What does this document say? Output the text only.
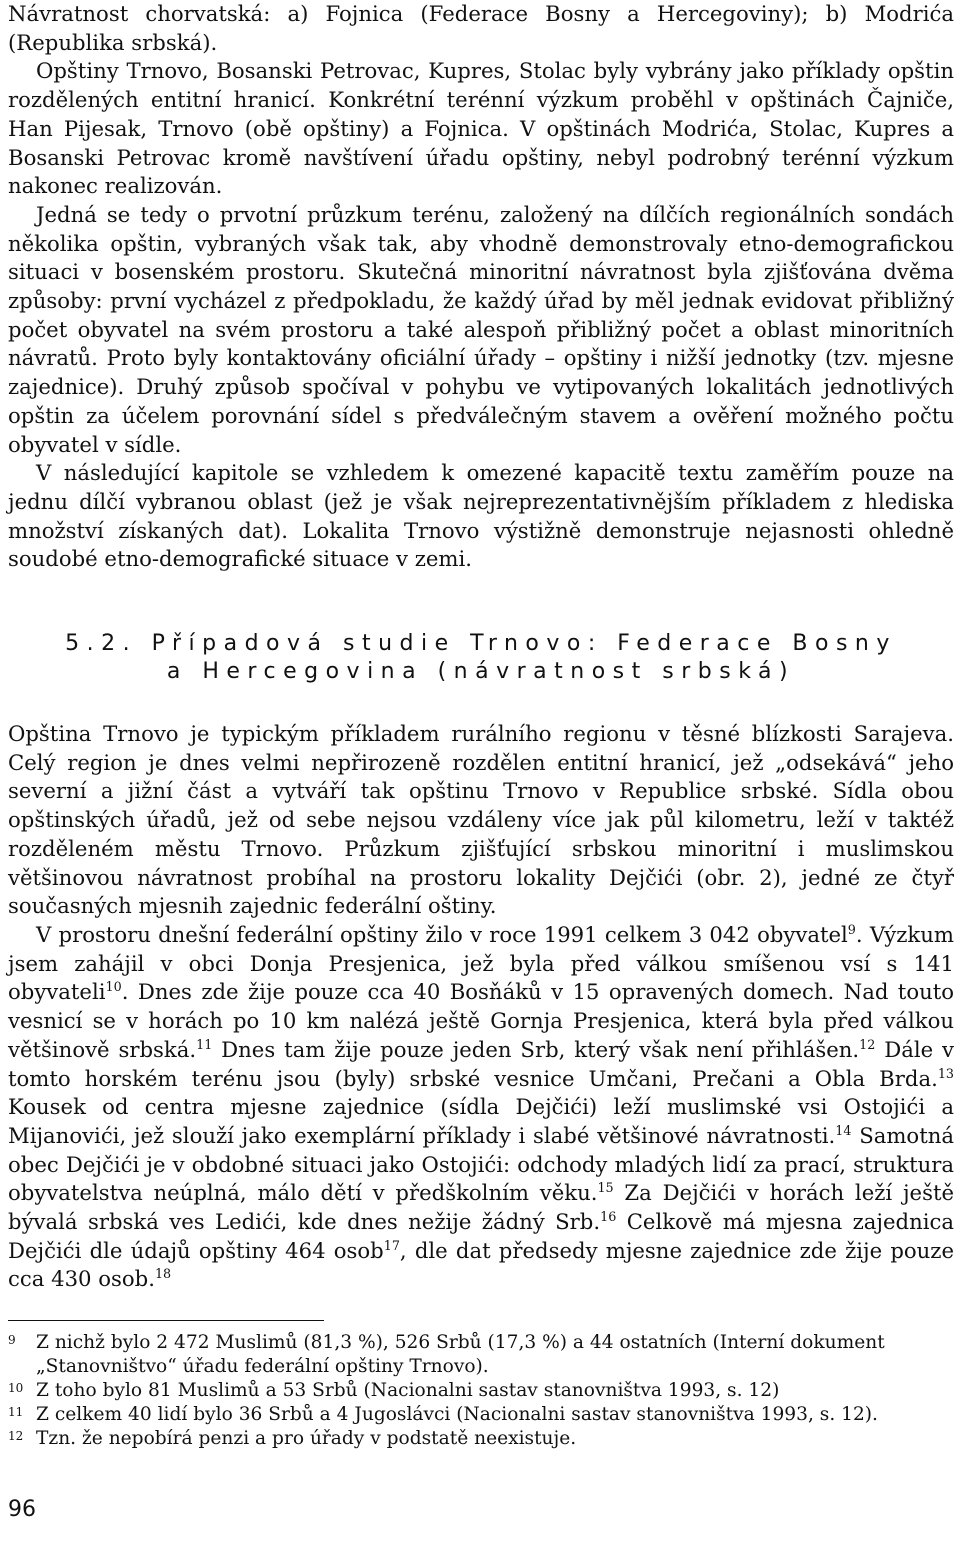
Návratnost chorvatská: a) Fojnica (Federace Bosny a Hercegoviny); b) Modrića (Republika srbská).

Opštiny Trnovo, Bosanski Petrovac, Kupres, Stolac byly vybrány jako příklady opštin rozdělených entitní hranicí. Konkrétní terénní výzkum proběhl v opštinách Čajniče, Han Pijesak, Trnovo (obě opštiny) a Fojnica. V opštinách Modrića, Stolac, Kupres a Bosanski Petrovac kromě navštívení úřadu opštiny, nebyl podrobný terénní výzkum nakonec realizován.

Jedná se tedy o prvotní průzkum terénu, založený na dílčích regionálních sondách několika opštin, vybraných však tak, aby vhodně demonstrovaly etno-demografickou situaci v bosenském prostoru. Skutečná minoritní návratnost byla zjišťována dvěma způsoby: první vycházel z předpokladu, že každý úřad by měl jednak evidovat přibližný počet obyvatel na svém prostoru a také alespoň přibližný počet a oblast minoritních návratů. Proto byly kontaktovány oficiální úřady – opštiny i nižší jednotky (tzv. mjesne zajednice). Druhý způsob spočíval v pohybu ve vytipovaných lokalitách jednotlivých opštin za účelem porovnání sídel s předválečným stavem a ověření možného počtu obyvatel v sídle.

V následující kapitole se vzhledem k omezené kapacitě textu zaměřím pouze na jednu dílčí vybranou oblast (jež je však nejreprezentativnějším příkladem z hlediska množství získaných dat). Lokalita Trnovo výstižně demonstruje nejasnosti ohledně soudobé etno-demografické situace v zemi.

5.2. Případová studie Trnovo: Federace Bosny
a Hercegovina (návratnost srbská)

Opština Trnovo je typickým příkladem rurálního regionu v těsné blízkosti Sarajeva. Celý region je dnes velmi nepřirozeně rozdělen entitní hranicí, jež „odsekává“ jeho severní a jižní část a vytváří tak opštinu Trnovo v Republice srbské. Sídla obou opštinských úřadů, jež od sebe nejsou vzdáleny více jak půl kilometru, leží v taktéž rozděleném městu Trnovo. Průzkum zjišťující srbskou minoritní i muslimskou většinovou návratnost probíhal na prostoru lokality Dejčići (obr. 2), jedné ze čtyř současných mjesnih zajednic federální oštiny.

V prostoru dnešní federální opštiny žilo v roce 1991 celkem 3 042 obyvatel$^9$. Výzkum jsem zahájil v obci Donja Presjenica, jež byla před válkou smíšenou vsí s 141 obyvateli$^{10}$. Dnes zde žije pouze cca 40 Bosňáků v 15 opravených domech. Nad touto vesnicí se v horách po 10 km nalézá ještě Gornja Presjenica, která byla před válkou většinově srbská.$^{11}$ Dnes tam žije pouze jeden Srb, který však není přihlášen.$^{12}$ Dále v tomto horském terénu jsou (byly) srbské vesnice Umčani, Prečani a Obla Brda.$^{13}$ Kousek od centra mjesne zajednice (sídla Dejčići) leží muslimské vsi Ostojići a Mijanovići, jež slouží jako exemplární příklady i slabé většinové návratnosti.$^{14}$ Samotná obec Dejčići je v obdobné situaci jako Ostojići: odchody mladých lidí za prací, struktura obyvatelstva neúplná, málo dětí v předškolním věku.$^{15}$ Za Dejčići v horách leží ještě bývalá srbská ves Ledići, kde dnes nežije žádný Srb.$^{16}$ Celkově má mjesna zajednica Dejčići dle údajů opštiny 464 osob$^{17}$, dle dat předsedy mjesne zajednice zde žije pouze cca 430 osob.$^{18}$

9	Z nichž bylo 2 472 Muslimů (81,3 %), 526 Srbů (17,3 %) a 44 ostatních (Interní dokument „Stanovništvo“ úřadu federální opštiny Trnovo).
10 Z toho bylo 81 Muslimů a 53 Srbů (Nacionalni sastav stanovništva 1993, s. 12)
11 Z celkem 40 lidí bylo 36 Srbů a 4 Jugoslávci (Nacionalni sastav stanovništva 1993, s. 12).
12 Tzn. že nepobírá penzi a pro úřady v podstatě neexistuje.
96
